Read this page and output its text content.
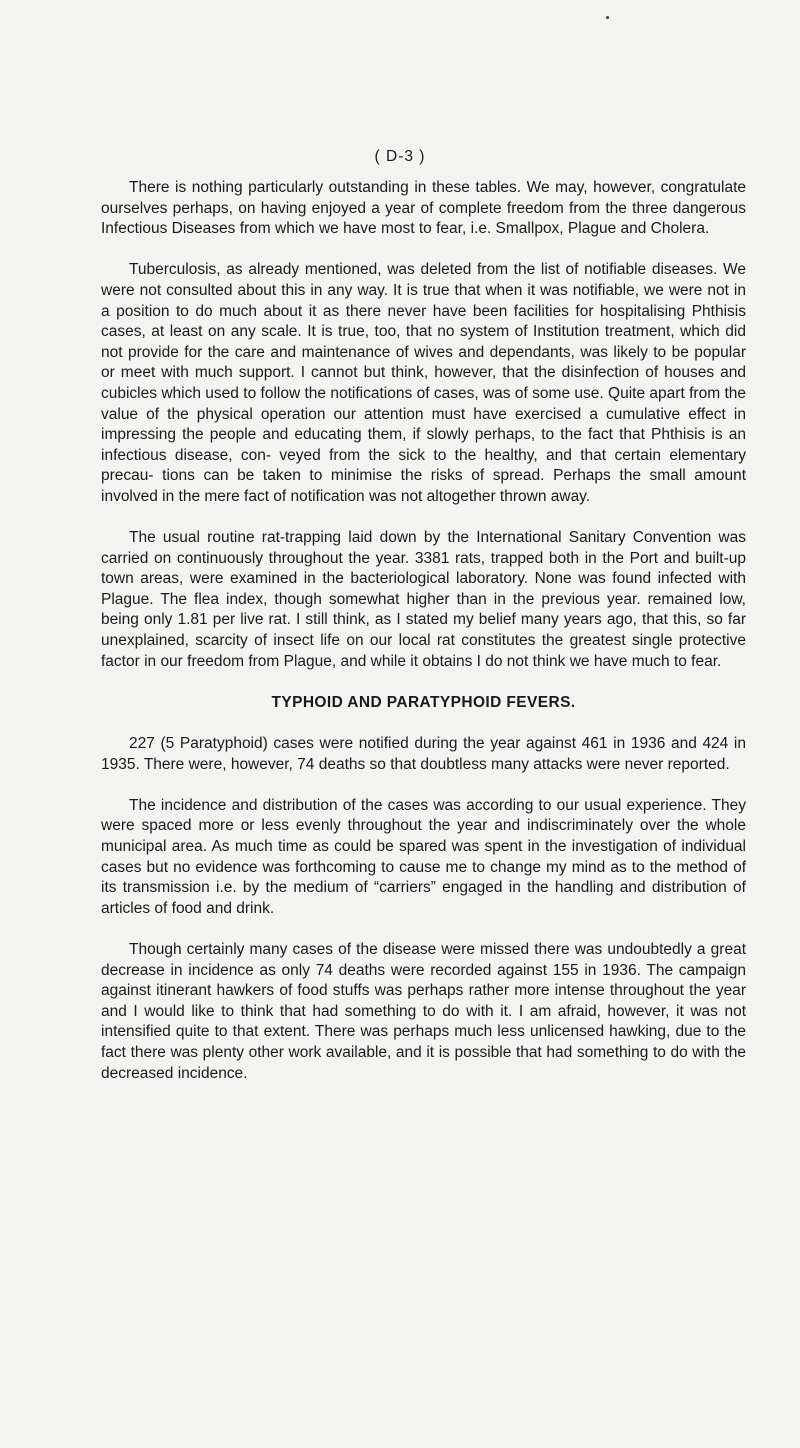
( D-3 )

There is nothing particularly outstanding in these tables. We may, however, congratulate ourselves perhaps, on having enjoyed a year of complete freedom from the three dangerous Infectious Diseases from which we have most to fear, i.e. Smallpox, Plague and Cholera.

Tuberculosis, as already mentioned, was deleted from the list of notifiable diseases. We were not consulted about this in any way. It is true that when it was notifiable, we were not in a position to do much about it as there never have been facilities for hospitalising Phthisis cases, at least on any scale. It is true, too, that no system of Institution treatment, which did not provide for the care and maintenance of wives and dependants, was likely to be popular or meet with much support. I cannot but think, however, that the disinfection of houses and cubicles which used to follow the notifications of cases, was of some use. Quite apart from the value of the physical operation our attention must have exercised a cumulative effect in impressing the people and educating them, if slowly perhaps, to the fact that Phthisis is an infectious disease, con- veyed from the sick to the healthy, and that certain elementary precau- tions can be taken to minimise the risks of spread. Perhaps the small amount involved in the mere fact of notification was not altogether thrown away.

The usual routine rat-trapping laid down by the International Sanitary Convention was carried on continuously throughout the year. 3381 rats, trapped both in the Port and built-up town areas, were examined in the bacteriological laboratory. None was found infected with Plague. The flea index, though somewhat higher than in the previous year. remained low, being only 1.81 per live rat. I still think, as I stated my belief many years ago, that this, so far unexplained, scarcity of insect life on our local rat constitutes the greatest single protective factor in our freedom from Plague, and while it obtains I do not think we have much to fear.

TYPHOID AND PARATYPHOID FEVERS.

227 (5 Paratyphoid) cases were notified during the year against 461 in 1936 and 424 in 1935. There were, however, 74 deaths so that doubtless many attacks were never reported.

The incidence and distribution of the cases was according to our usual experience. They were spaced more or less evenly throughout the year and indiscriminately over the whole municipal area. As much time as could be spared was spent in the investigation of individual cases but no evidence was forthcoming to cause me to change my mind as to the method of its transmission i.e. by the medium of “carriers” engaged in the handling and distribution of articles of food and drink.

Though certainly many cases of the disease were missed there was undoubtedly a great decrease in incidence as only 74 deaths were recorded against 155 in 1936. The campaign against itinerant hawkers of food stuffs was perhaps rather more intense throughout the year and I would like to think that had something to do with it. I am afraid, however, it was not intensified quite to that extent. There was perhaps much less unlicensed hawking, due to the fact there was plenty other work available, and it is possible that had something to do with the decreased incidence.
